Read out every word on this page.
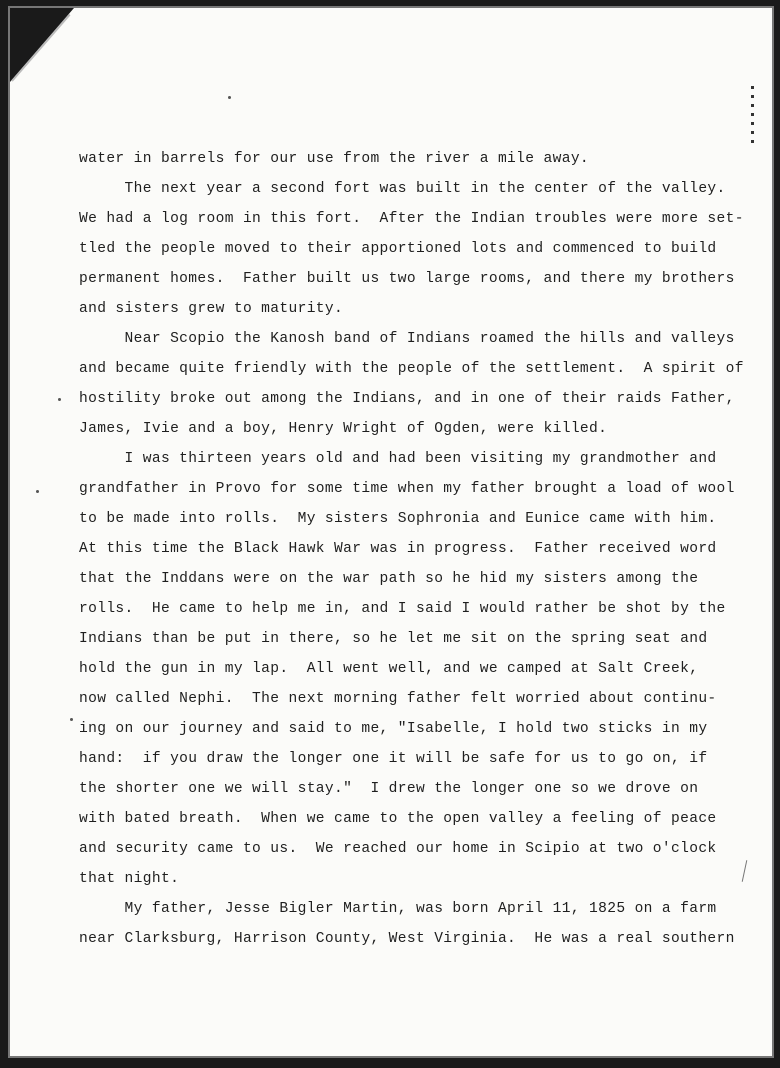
water in barrels for our use from the river a mile away.
The next year a second fort was built in the center of the valley.
We had a log room in this fort.  After the Indian troubles were more set-
tled the people moved to their apportioned lots and commenced to build
permanent homes.  Father built us two large rooms, and there my brothers
and sisters grew to maturity.
Near Scopio the Kanosh band of Indians roamed the hills and valleys
and became quite friendly with the people of the settlement.  A spirit of
hostility broke out among the Indians, and in one of their raids Father,
James, Ivie and a boy, Henry Wright of Ogden, were killed.
I was thirteen years old and had been visiting my grandmother and
grandfather in Provo for some time when my father brought a load of wool
to be made into rolls.  My sisters Sophronia and Eunice came with him.
At this time the Black Hawk War was in progress.  Father received word
that the Inddans were on the war path so he hid my sisters among the
rolls.  He came to help me in, and I said I would rather be shot by the
Indians than be put in there, so he let me sit on the spring seat and
hold the gun in my lap.  All went well, and we camped at Salt Creek,
now called Nephi.  The next morning father felt worried about continu-
ing on our journey and said to me, "Isabelle, I hold two sticks in my
hand:  if you draw the longer one it will be safe for us to go on, if
the shorter one we will stay."  I drew the longer one so we drove on
with bated breath.  When we came to the open valley a feeling of peace
and security came to us.  We reached our home in Scipio at two o'clock
that night.
My father, Jesse Bigler Martin, was born April 11, 1825 on a farm
near Clarksburg, Harrison County, West Virginia.  He was a real southern
